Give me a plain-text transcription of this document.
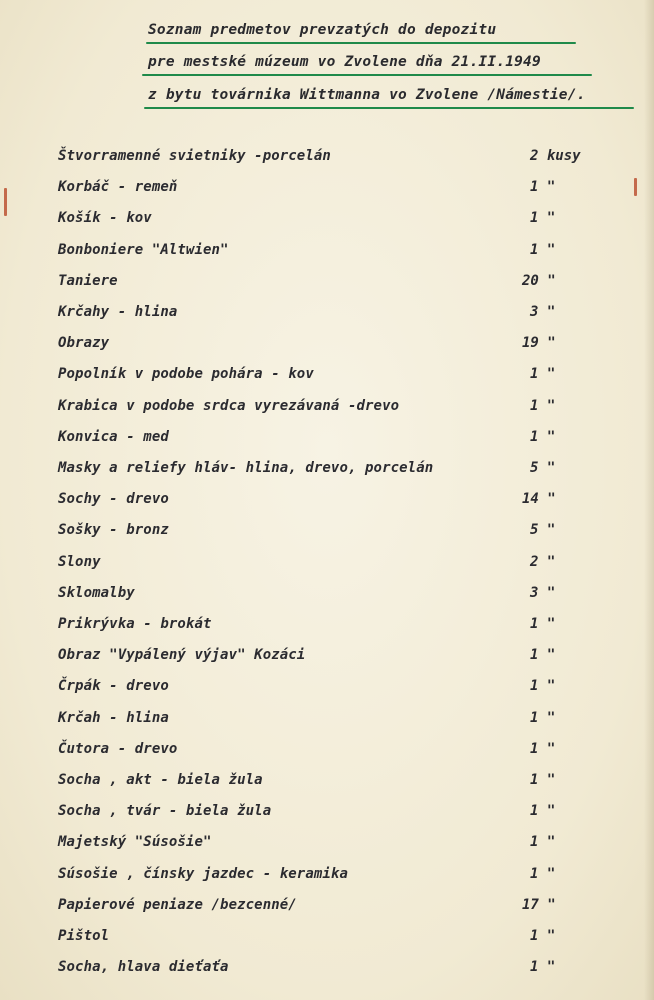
Soznam predmetov prevzatých do depozitu
pre mestské múzeum vo Zvolene dňa 21.II.1949
z bytu továrnika Wittmanna vo Zvolene /Námestie/.
Štvorramenné svietniky -porcelán	2 kusy
Korbáč - remeň	1 "
Košík - kov	1 "
Bonboniere "Altwien"	1 "
Taniere	20 "
Krčahy - hlina	3 "
Obrazy	19 "
Popolník v podobe pohára - kov	1 "
Krabica v podobe srdca vyrezávaná -drevo	1 "
Konvica - med	1 "
Masky a reliefy hláv- hlina, drevo, porcelán	5 "
Sochy - drevo	14 "
Sošky - bronz	5 "
Slony	2 "
Sklomalby	3 "
Prikrývka - brokát	1 "
Obraz "Vypálený výjav" Kozáci	1 "
Črpák - drevo	1 "
Krčah - hlina	1 "
Čutora - drevo	1 "
Socha , akt - biela žula	1 "
Socha , tvár - biela žula	1 "
Majetský "Súsošie"	1 "
Súsošie , čínsky jazdec - keramika	1 "
Papierové peniaze /bezcenné/	17 "
Pištol	1 "
Socha, hlava dieťaťa	1 "
